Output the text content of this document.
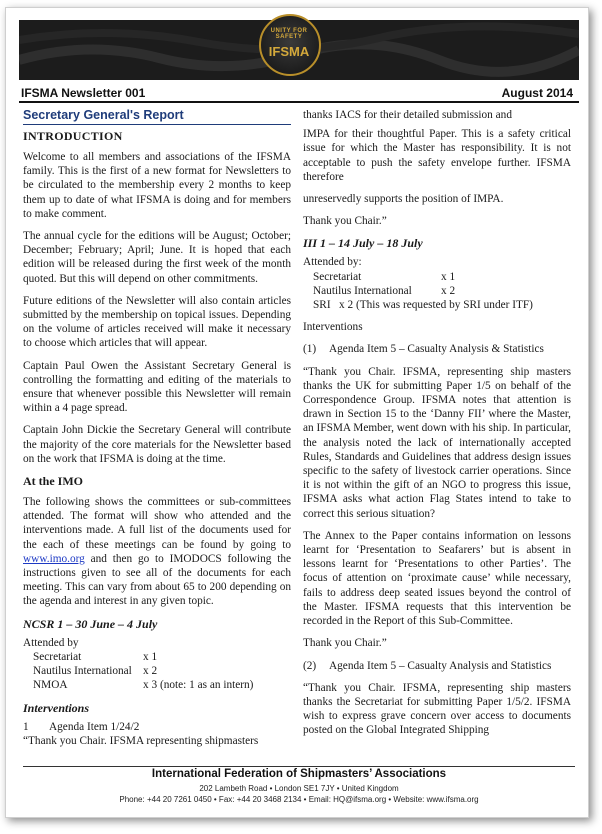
UNITY FOR SAFETY
IFSMA
IFSMA Newsletter 001	August 2014
Secretary General's Report
INTRODUCTION

Welcome to all members and associations of the IFSMA family. This is the first of a new format for Newsletters to be circulated to the membership every 2 months to keep them up to date of what IFSMA is doing and for members to make comment.

The annual cycle for the editions will be August; October; December; February; April; June. It is hoped that each edition will be released during the first week of the month quoted. But this will depend on other commitments.

Future editions of the Newsletter will also contain articles submitted by the membership on topical issues. Depending on the volume of articles received will make it necessary to choose which articles that will appear.

Captain Paul Owen the Assistant Secretary General is controlling the formatting and editing of the materials to ensure that whenever possible this Newsletter will remain within a 4 page spread.

Captain John Dickie the Secretary General will contribute the majority of the core materials for the Newsletter based on the work that IFSMA is doing at the time.

At the IMO

The following shows the committees or sub-committees attended. The format will show who attended and the interventions made. A full list of the documents used for the each of these meetings can be found by going to www.imo.org and then go to IMODOCS following the instructions given to see all of the documents for each meeting. This can vary from about 65 to 200 depending on the agenda and interest in any given topic.

NCSR 1 – 30 June – 4 July
Attended by
Secretariat	x 1
Nautilus International x 2
NMOA	x 3 (note: 1 as an intern)
Interventions
1 Agenda Item 1/24/2
“Thank you Chair. IFSMA representing shipmasters

thanks IACS for their detailed submission and

IMPA for their thoughtful Paper. This is a safety critical issue for which the Master has responsibility. It is not acceptable to push the safety envelope further. IFSMA therefore

unreservedly supports the position of IMPA.

Thank you Chair.”

III 1 – 14 July – 18 July
Attended by:
Secretariat	x 1
Nautilus International	x 2
SRI x 2 (This was requested by SRI under ITF)

Interventions

(1) Agenda Item 5 – Casualty Analysis & Statistics

“Thank you Chair. IFSMA, representing ship masters thanks the UK for submitting Paper 1/5 on behalf of the Correspondence Group. IFSMA notes that attention is drawn in Section 15 to the ‘Danny FII’ where the Master, an IFSMA Member, went down with his ship. In particular, the analysis noted the lack of internationally accepted Rules, Standards and Guidelines that address design issues specific to the safety of livestock carrier operations. Since it is not within the gift of an NGO to progress this issue, IFSMA asks what action Flag States intend to take to correct this serious situation?

The Annex to the Paper contains information on lessons learnt for ‘Presentation to Seafarers’ but is absent in lessons learnt for ‘Presentations to other Parties’. The focus of attention on ‘proximate cause’ while necessary, fails to address deep seated issues beyond the control of the Master. IFSMA requests that this intervention be recorded in the Report of this Sub-Committee.

Thank you Chair.”

(2) Agenda Item 5 – Casualty Analysis and Statistics

“Thank you Chair. IFSMA, representing ship masters thanks the Secretariat for submitting Paper 1/5/2. IFSMA wish to express grave concern over access to documents posted on the Global Integrated Shipping

International Federation of Shipmasters’ Associations
202 Lambeth Road • London SE1 7JY • United Kingdom
Phone: +44 20 7261 0450 • Fax: +44 20 3468 2134 • Email: HQ@ifsma.org • Website: www.ifsma.org
